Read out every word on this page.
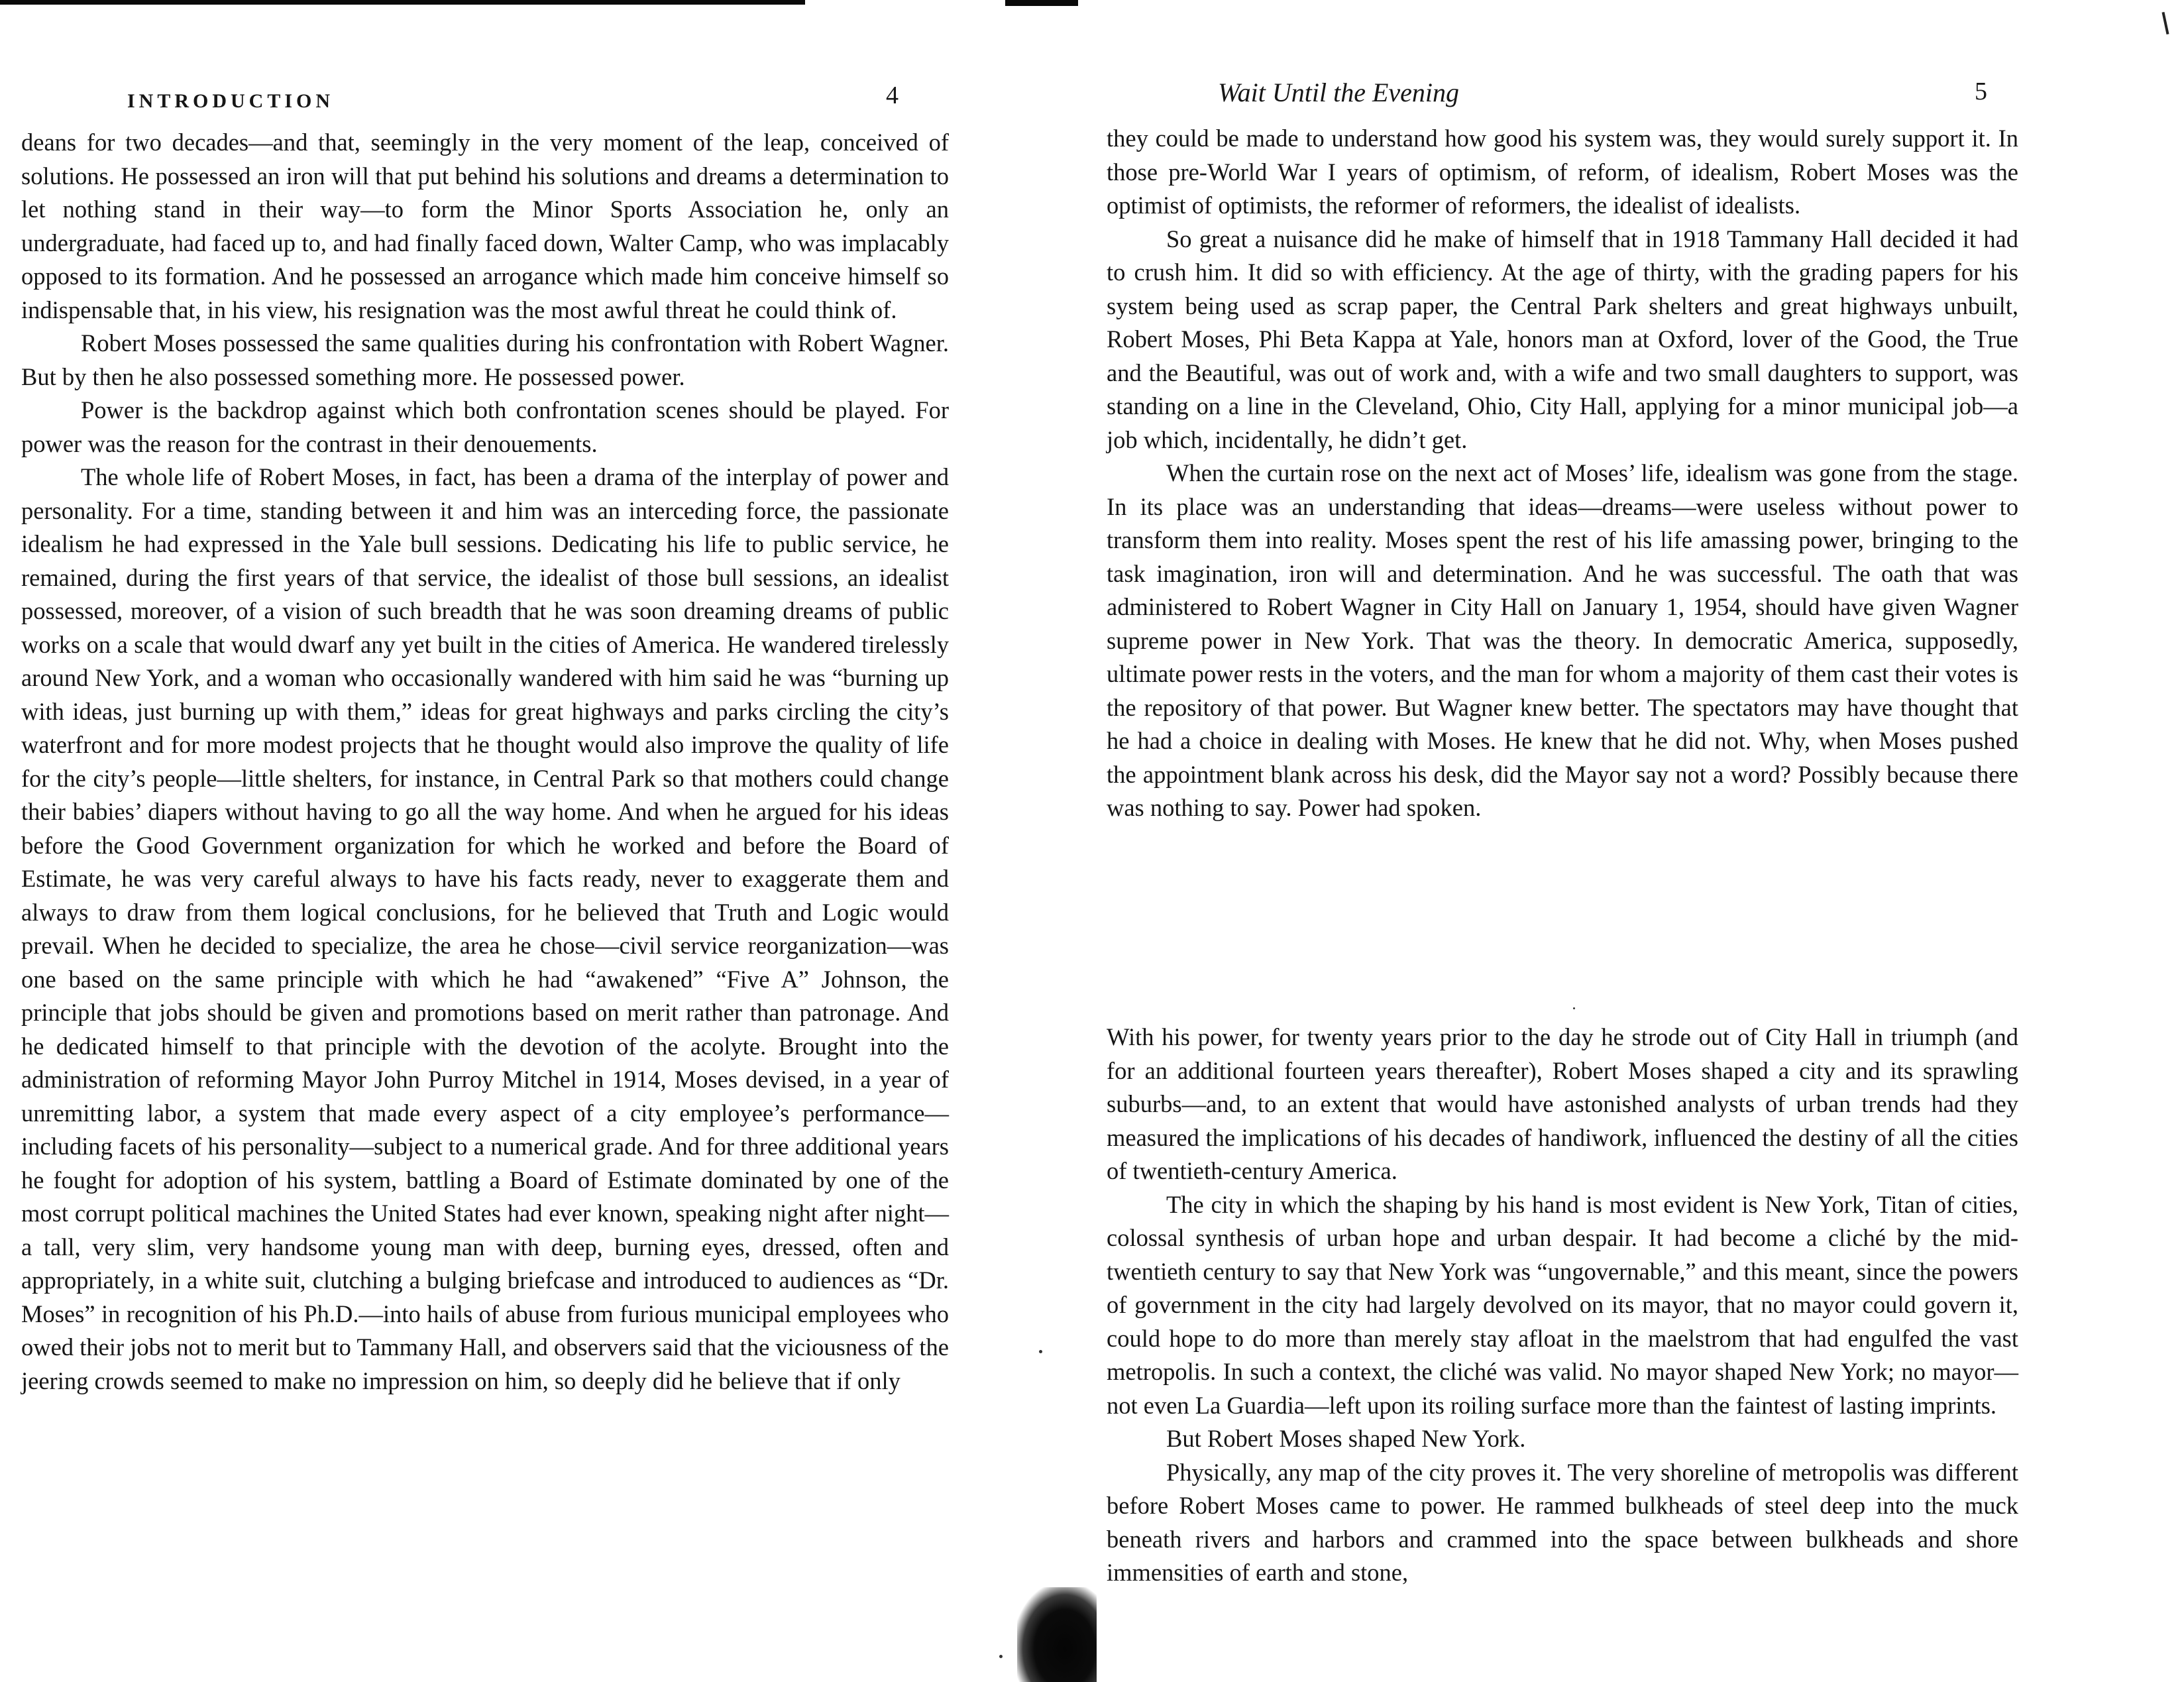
INTRODUCTION	4

deans for two decades—and that, seemingly in the very moment of the leap, conceived of solutions. He possessed an iron will that put behind his solutions and dreams a determination to let nothing stand in their way—to form the Minor Sports Association he, only an undergraduate, had faced up to, and had finally faced down, Walter Camp, who was implacably opposed to its formation. And he possessed an arrogance which made him conceive himself so indispensable that, in his view, his resignation was the most awful threat he could think of.

Robert Moses possessed the same qualities during his confrontation with Robert Wagner. But by then he also possessed something more. He possessed power.

Power is the backdrop against which both confrontation scenes should be played. For power was the reason for the contrast in their denouements.

The whole life of Robert Moses, in fact, has been a drama of the interplay of power and personality. For a time, standing between it and him was an interceding force, the passionate idealism he had expressed in the Yale bull sessions. Dedicating his life to public service, he remained, during the first years of that service, the idealist of those bull sessions, an idealist possessed, moreover, of a vision of such breadth that he was soon dreaming dreams of public works on a scale that would dwarf any yet built in the cities of America. He wandered tirelessly around New York, and a woman who occasionally wandered with him said he was “burning up with ideas, just burning up with them,” ideas for great highways and parks circling the city’s waterfront and for more modest projects that he thought would also improve the quality of life for the city’s people—little shelters, for instance, in Central Park so that mothers could change their babies’ diapers without having to go all the way home. And when he argued for his ideas before the Good Government organization for which he worked and before the Board of Estimate, he was very careful always to have his facts ready, never to exaggerate them and always to draw from them logical conclusions, for he believed that Truth and Logic would prevail. When he decided to specialize, the area he chose—civil service reorganization—was one based on the same principle with which he had “awakened” “Five A” Johnson, the principle that jobs should be given and promotions based on merit rather than patronage. And he dedicated himself to that principle with the devotion of the acolyte. Brought into the administration of reforming Mayor John Purroy Mitchel in 1914, Moses devised, in a year of unremitting labor, a system that made every aspect of a city employee’s performance—including facets of his personality—subject to a numerical grade. And for three additional years he fought for adoption of his system, battling a Board of Estimate dominated by one of the most corrupt political machines the United States had ever known, speaking night after night—a tall, very slim, very handsome young man with deep, burning eyes, dressed, often and appropriately, in a white suit, clutching a bulging briefcase and introduced to audiences as “Dr. Moses” in recognition of his Ph.D.—into hails of abuse from furious municipal employees who owed their jobs not to merit but to Tammany Hall, and observers said that the viciousness of the jeering crowds seemed to make no impression on him, so deeply did he believe that if only

Wait Until the Evening	5

they could be made to understand how good his system was, they would surely support it. In those pre-World War I years of optimism, of reform, of idealism, Robert Moses was the optimist of optimists, the reformer of reformers, the idealist of idealists.

So great a nuisance did he make of himself that in 1918 Tammany Hall decided it had to crush him. It did so with efficiency. At the age of thirty, with the grading papers for his system being used as scrap paper, the Central Park shelters and great highways unbuilt, Robert Moses, Phi Beta Kappa at Yale, honors man at Oxford, lover of the Good, the True and the Beautiful, was out of work and, with a wife and two small daughters to support, was standing on a line in the Cleveland, Ohio, City Hall, applying for a minor municipal job—a job which, incidentally, he didn’t get.

When the curtain rose on the next act of Moses’ life, idealism was gone from the stage. In its place was an understanding that ideas—dreams—were useless without power to transform them into reality. Moses spent the rest of his life amassing power, bringing to the task imagination, iron will and determination. And he was successful. The oath that was administered to Robert Wagner in City Hall on January 1, 1954, should have given Wagner supreme power in New York. That was the theory. In democratic America, supposedly, ultimate power rests in the voters, and the man for whom a majority of them cast their votes is the repository of that power. But Wagner knew better. The spectators may have thought that he had a choice in dealing with Moses. He knew that he did not. Why, when Moses pushed the appointment blank across his desk, did the Mayor say not a word? Possibly because there was nothing to say. Power had spoken.

With his power, for twenty years prior to the day he strode out of City Hall in triumph (and for an additional fourteen years thereafter), Robert Moses shaped a city and its sprawling suburbs—and, to an extent that would have astonished analysts of urban trends had they measured the implications of his decades of handiwork, influenced the destiny of all the cities of twentieth-century America.

The city in which the shaping by his hand is most evident is New York, Titan of cities, colossal synthesis of urban hope and urban despair. It had become a cliché by the mid-twentieth century to say that New York was “ungovernable,” and this meant, since the powers of government in the city had largely devolved on its mayor, that no mayor could govern it, could hope to do more than merely stay afloat in the maelstrom that had engulfed the vast metropolis. In such a context, the cliché was valid. No mayor shaped New York; no mayor—not even La Guardia—left upon its roiling surface more than the faintest of lasting imprints.

But Robert Moses shaped New York.

Physically, any map of the city proves it. The very shoreline of metropolis was different before Robert Moses came to power. He rammed bulkheads of steel deep into the muck beneath rivers and harbors and crammed into the space between bulkheads and shore immensities of earth and stone,
